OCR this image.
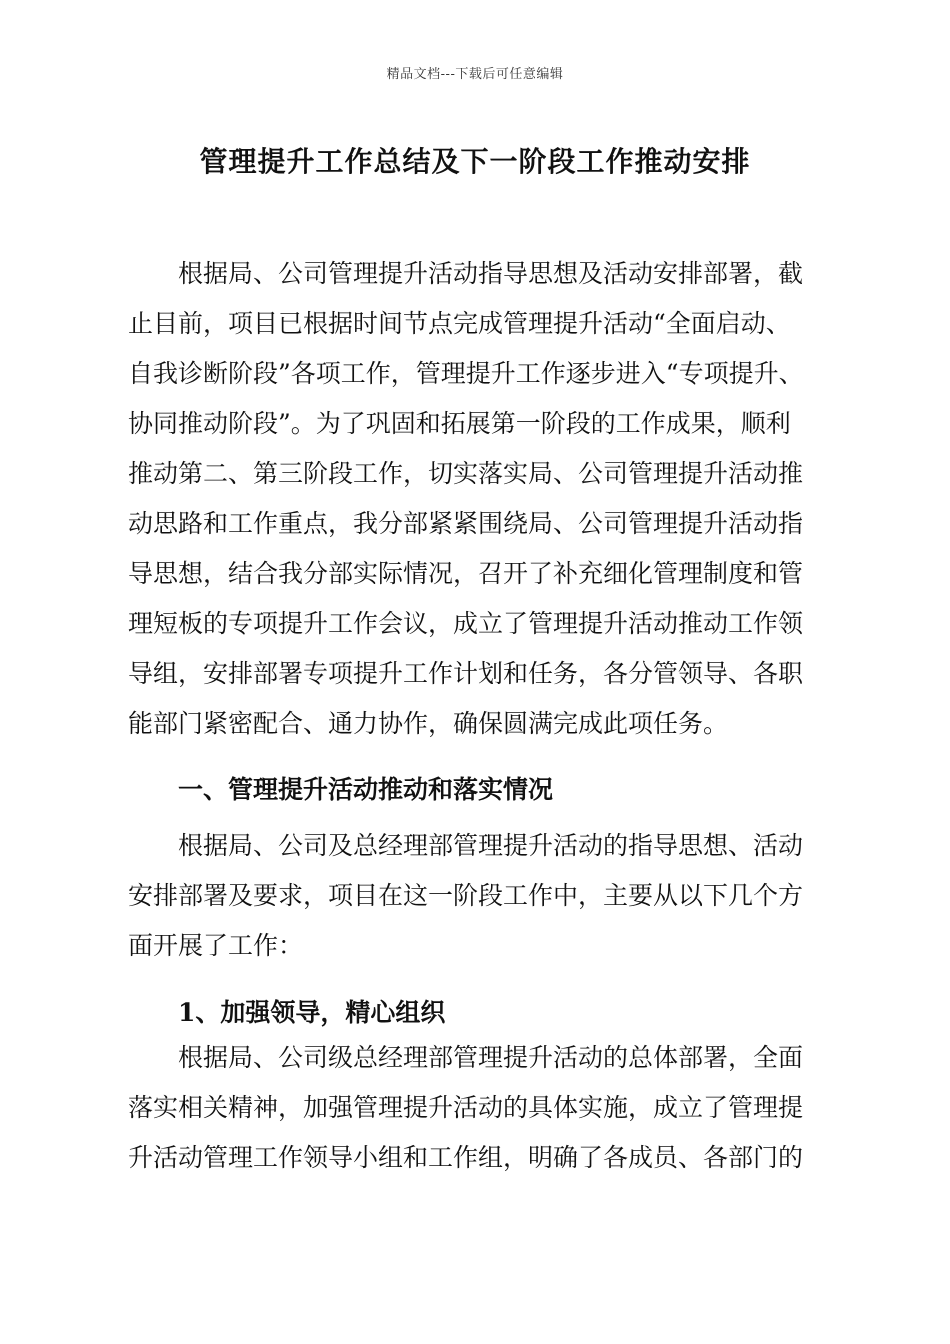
精品文档---下载后可任意编辑
管理提升工作总结及下一阶段工作推动安排
根据局、公司管理提升活动指导思想及活动安排部署，截
止目前，项目已根据时间节点完成管理提升活动“全面启动、
自我诊断阶段”各项工作，管理提升工作逐步进入“专项提升、
协同推动阶段”。为了巩固和拓展第一阶段的工作成果，顺利
推动第二、第三阶段工作，切实落实局、公司管理提升活动推
动思路和工作重点，我分部紧紧围绕局、公司管理提升活动指
导思想，结合我分部实际情况，召开了补充细化管理制度和管
理短板的专项提升工作会议，成立了管理提升活动推动工作领
导组，安排部署专项提升工作计划和任务，各分管领导、各职
能部门紧密配合、通力协作，确保圆满完成此项任务。
一、管理提升活动推动和落实情况
根据局、公司及总经理部管理提升活动的指导思想、活动
安排部署及要求，项目在这一阶段工作中，主要从以下几个方
面开展了工作：
1、加强领导，精心组织
根据局、公司级总经理部管理提升活动的总体部署，全面
落实相关精神，加强管理提升活动的具体实施，成立了管理提
升活动管理工作领导小组和工作组，明确了各成员、各部门的
